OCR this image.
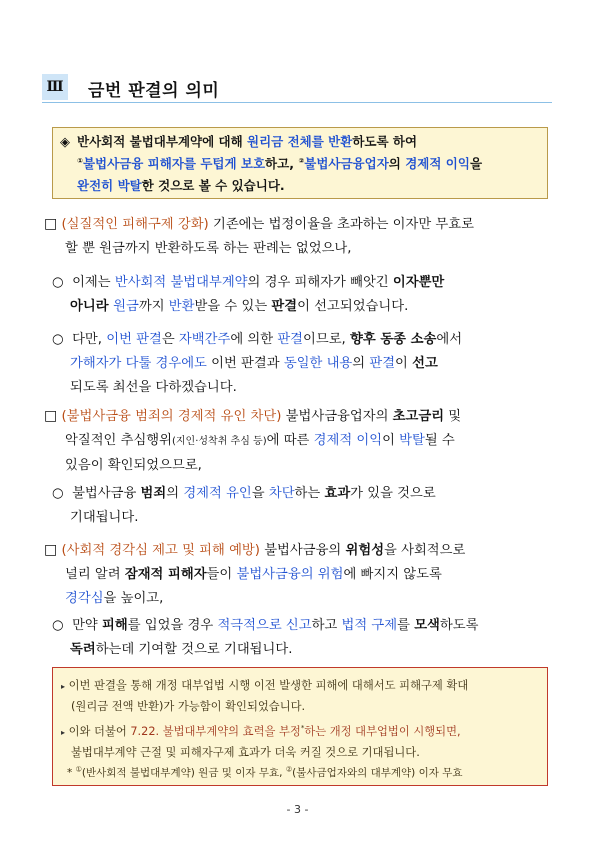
Ⅲ 금번 판결의 의미
◈ 반사회적 불법대부계약에 대해 원리금 전체를 반환하도록 하여

①불법사금융 피해자를 두텁게 보호하고, ②불법사금융업자의 경제적 이익을

완전히 박탈한 것으로 볼 수 있습니다.

□ (실질적인 피해구제 강화) 기존에는 법정이율을 초과하는 이자만 무효로

할 뿐 원금까지 반환하도록 하는 판례는 없었으나,

○ 이제는 반사회적 불법대부계약의 경우 피해자가 빼앗긴 이자뿐만

아니라 원금까지 반환받을 수 있는 판결이 선고되었습니다.

○ 다만, 이번 판결은 자백간주에 의한 판결이므로, 향후 동종 소송에서

가해자가 다툴 경우에도 이번 판결과 동일한 내용의 판결이 선고

되도록 최선을 다하겠습니다.

□ (불법사금융 범죄의 경제적 유인 차단) 불법사금융업자의 초고금리 및

악질적인 추심행위(지인·성착취 추심 등)에 따른 경제적 이익이 박탈될 수

있음이 확인되었으므로,

○ 불법사금융 범죄의 경제적 유인을 차단하는 효과가 있을 것으로

기대됩니다.

□ (사회적 경각심 제고 및 피해 예방) 불법사금융의 위험성을 사회적으로

널리 알려 잠재적 피해자들이 불법사금융의 위험에 빠지지 않도록

경각심을 높이고,

○ 만약 피해를 입었을 경우 적극적으로 신고하고 법적 구제를 모색하도록

독려하는데 기여할 것으로 기대됩니다.

▸ 이번 판결을 통해 개정 대부업법 시행 이전 발생한 피해에 대해서도 피해구제 확대

(원리금 전액 반환)가 가능함이 확인되었습니다.

▸ 이와 더불어 7.22. 불법대부계약의 효력을 부정*하는 개정 대부업법이 시행되면,

불법대부계약 근절 및 피해자구제 효과가 더욱 커질 것으로 기대됩니다.

* ①(반사회적 불법대부계약) 원금 및 이자 무효, ②(불사금업자와의 대부계약) 이자 무효

- 3 -
